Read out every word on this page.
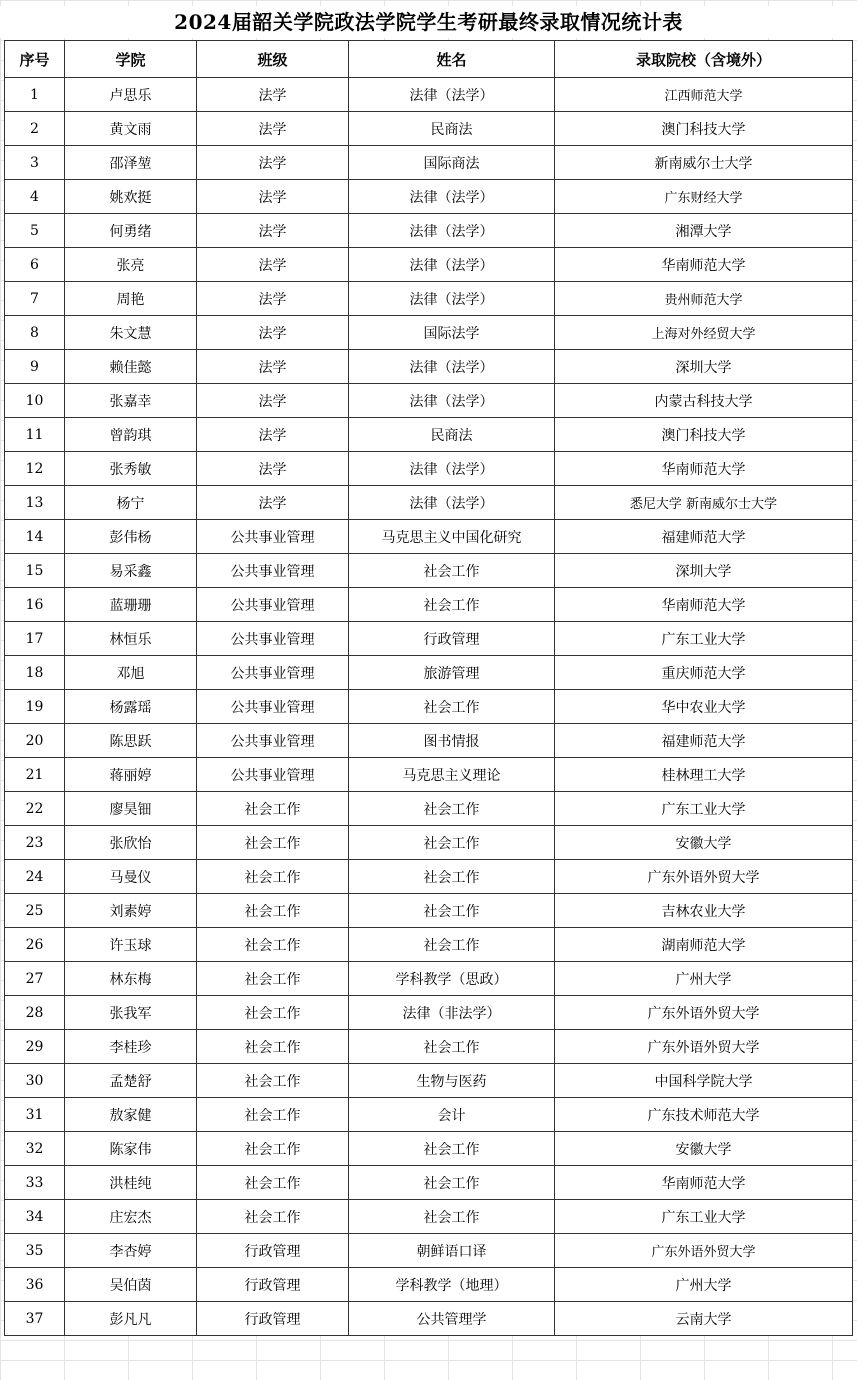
2024届韶关学院政法学院学生考研最终录取情况统计表
序号	学院	班级	姓名	录取院校（含境外）
1	卢思乐	法学	法律（法学）	江西师范大学
2	黄文雨	法学	民商法	澳门科技大学
3	邵泽堃	法学	国际商法	新南威尔士大学
4	姚欢挺	法学	法律（法学）	广东财经大学
5	何勇绪	法学	法律（法学）	湘潭大学
6	张亮	法学	法律（法学）	华南师范大学
7	周艳	法学	法律（法学）	贵州师范大学
8	朱文慧	法学	国际法学	上海对外经贸大学
9	赖佳懿	法学	法律（法学）	深圳大学
10	张嘉幸	法学	法律（法学）	内蒙古科技大学
11	曾韵琪	法学	民商法	澳门科技大学
12	张秀敏	法学	法律（法学）	华南师范大学
13	杨宁	法学	法律（法学）	悉尼大学 新南威尔士大学
14	彭伟杨	公共事业管理	马克思主义中国化研究	福建师范大学
15	易采鑫	公共事业管理	社会工作	深圳大学
16	蓝珊珊	公共事业管理	社会工作	华南师范大学
17	林恒乐	公共事业管理	行政管理	广东工业大学
18	邓旭	公共事业管理	旅游管理	重庆师范大学
19	杨露瑶	公共事业管理	社会工作	华中农业大学
20	陈思跃	公共事业管理	图书情报	福建师范大学
21	蒋丽婷	公共事业管理	马克思主义理论	桂林理工大学
22	廖昊钿	社会工作	社会工作	广东工业大学
23	张欣怡	社会工作	社会工作	安徽大学
24	马曼仪	社会工作	社会工作	广东外语外贸大学
25	刘素婷	社会工作	社会工作	吉林农业大学
26	许玉球	社会工作	社会工作	湖南师范大学
27	林东梅	社会工作	学科教学（思政）	广州大学
28	张我军	社会工作	法律（非法学）	广东外语外贸大学
29	李桂珍	社会工作	社会工作	广东外语外贸大学
30	孟楚舒	社会工作	生物与医药	中国科学院大学
31	敖家健	社会工作	会计	广东技术师范大学
32	陈家伟	社会工作	社会工作	安徽大学
33	洪桂纯	社会工作	社会工作	华南师范大学
34	庄宏杰	社会工作	社会工作	广东工业大学
35	李杏婷	行政管理	朝鲜语口译	广东外语外贸大学
36	吴伯茵	行政管理	学科教学（地理）	广州大学
37	彭凡凡	行政管理	公共管理学	云南大学
